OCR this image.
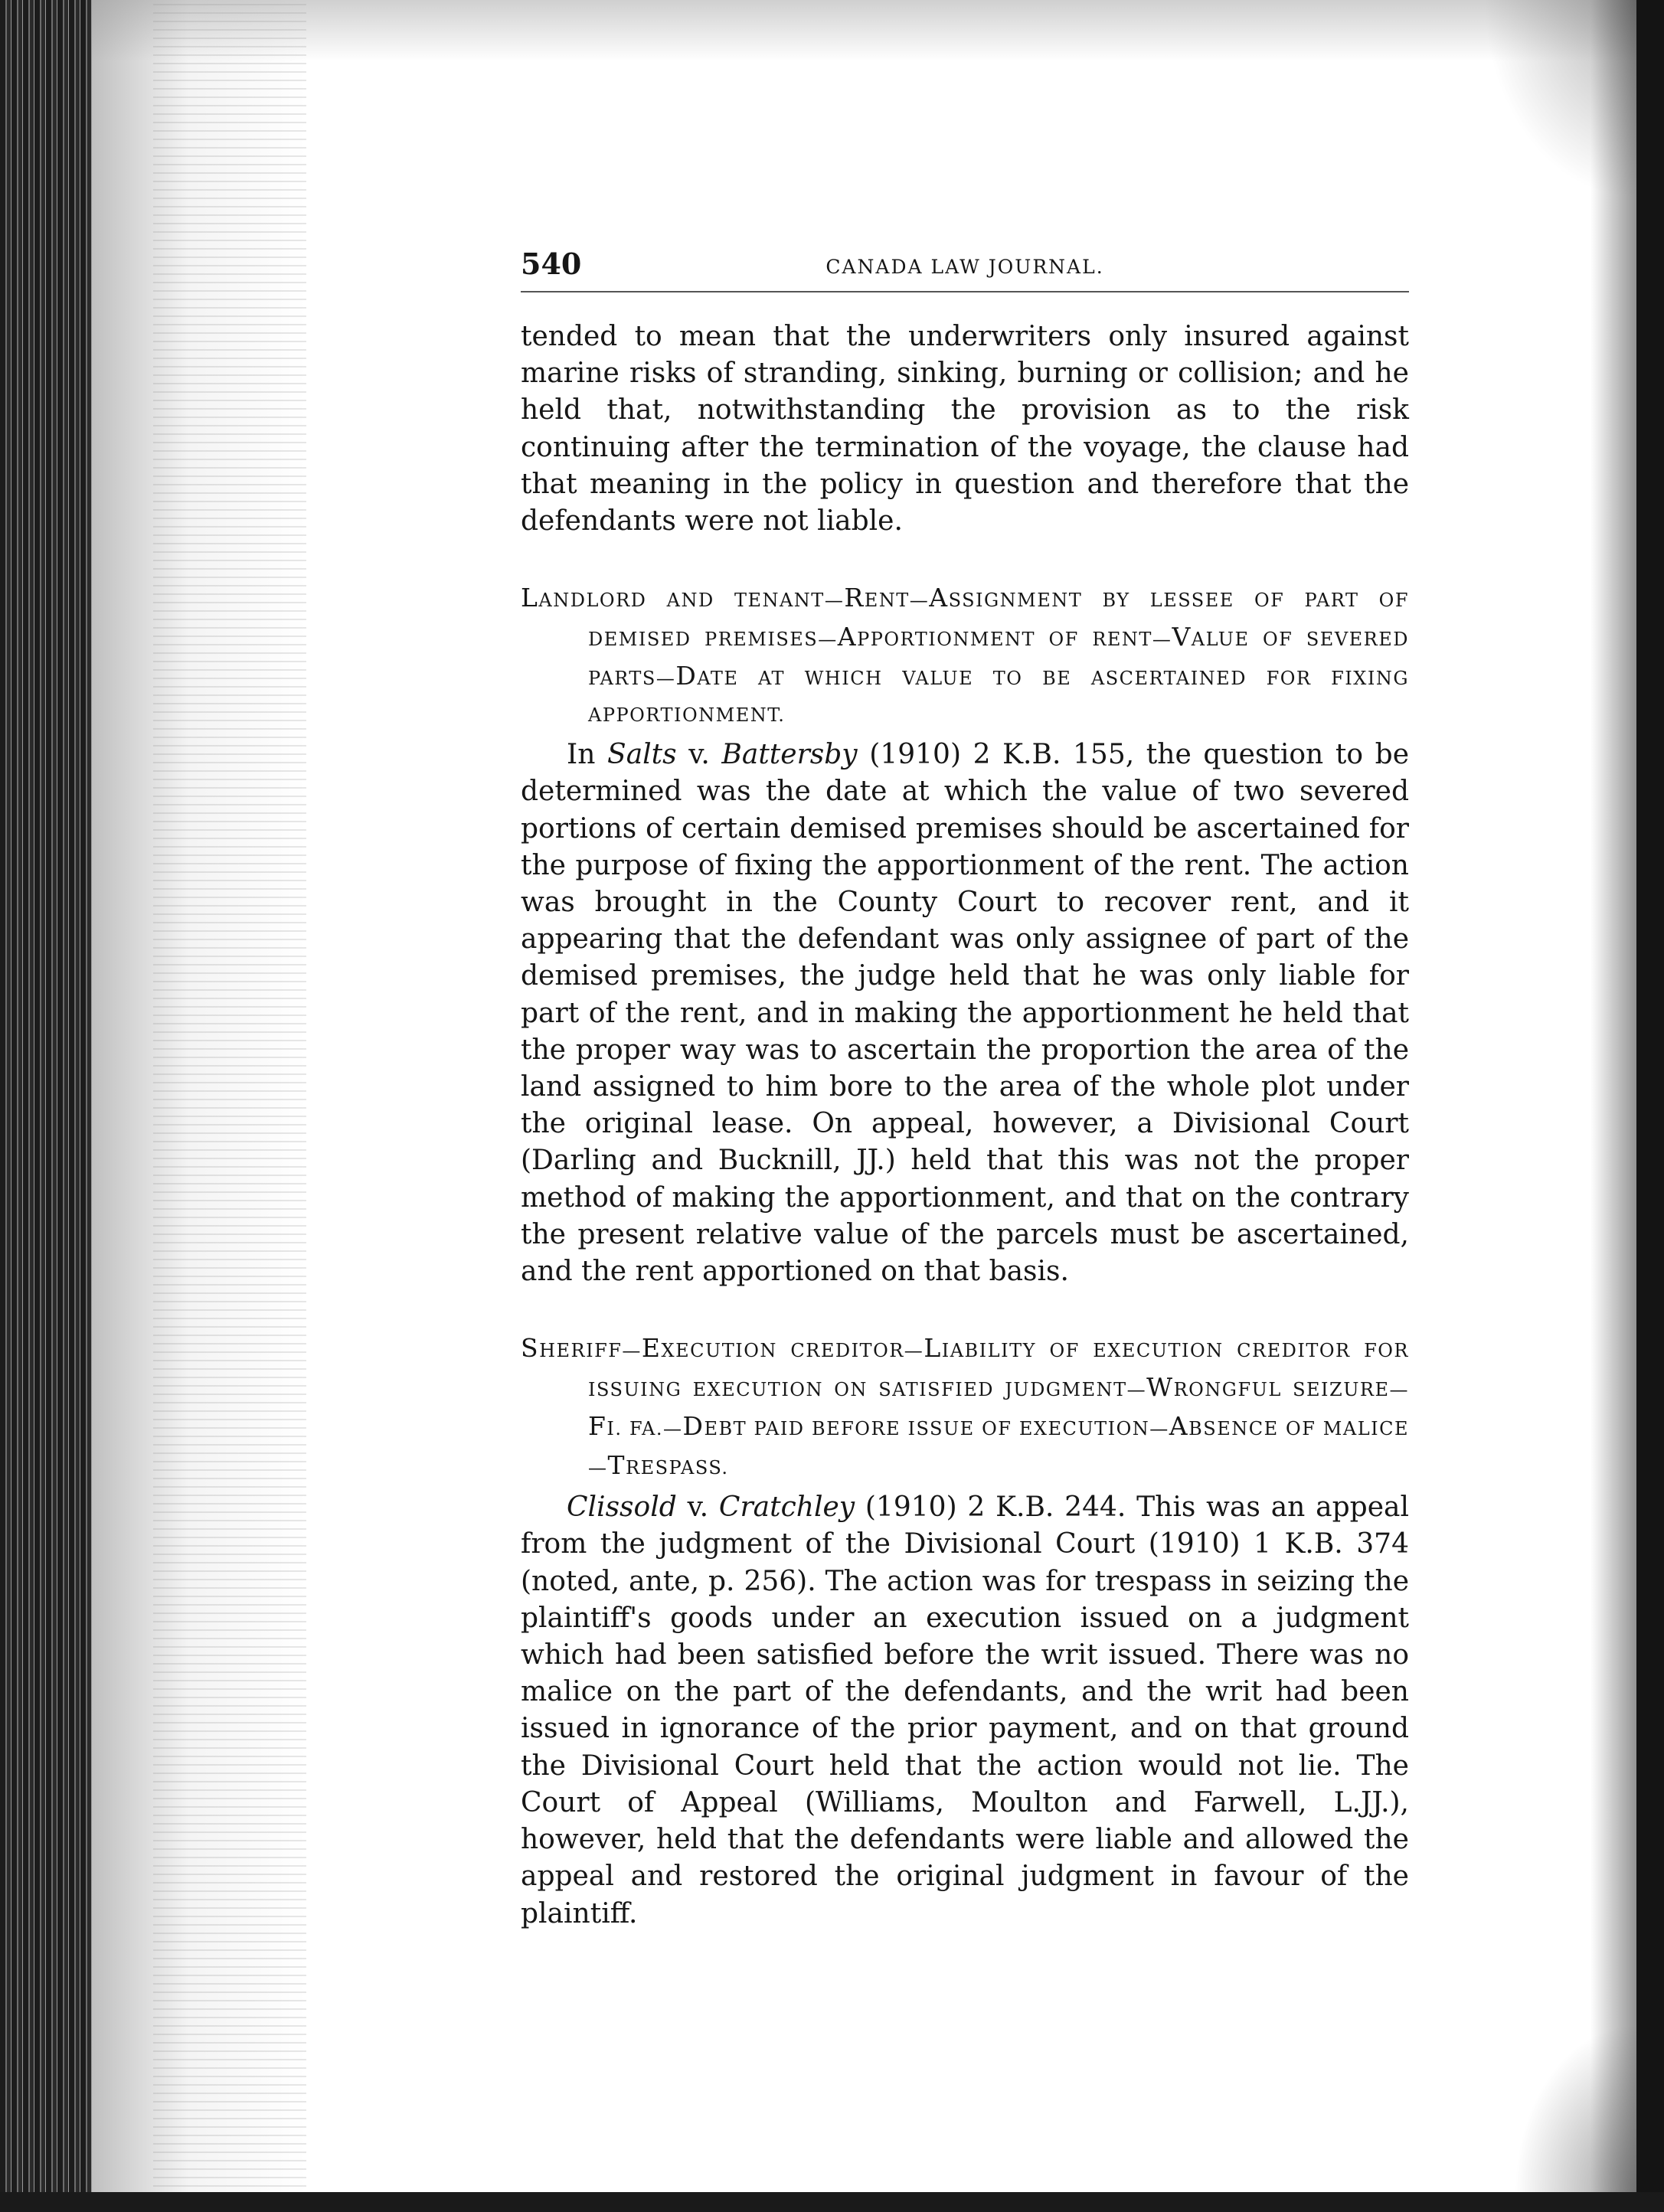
540	CANADA LAW JOURNAL.

tended to mean that the underwriters only insured against marine risks of stranding, sinking, burning or collision; and he held that, notwithstanding the provision as to the risk continuing after the termination of the voyage, the clause had that meaning in the policy in question and therefore that the defendants were not liable.

LANDLORD AND TENANT—RENT—ASSIGNMENT BY LESSEE OF PART OF DEMISED PREMISES—APPORTIONMENT OF RENT—VALUE OF SEVERED PARTS—DATE AT WHICH VALUE TO BE ASCERTAINED FOR FIXING APPORTIONMENT.

In Salts v. Battersby (1910) 2 K.B. 155, the question to be determined was the date at which the value of two severed portions of certain demised premises should be ascertained for the purpose of fixing the apportionment of the rent. The action was brought in the County Court to recover rent, and it appearing that the defendant was only assignee of part of the demised premises, the judge held that he was only liable for part of the rent, and in making the apportionment he held that the proper way was to ascertain the proportion the area of the land assigned to him bore to the area of the whole plot under the original lease. On appeal, however, a Divisional Court (Darling and Bucknill, JJ.) held that this was not the proper method of making the apportionment, and that on the contrary the present relative value of the parcels must be ascertained, and the rent apportioned on that basis.

SHERIFF—EXECUTION CREDITOR—LIABILITY OF EXECUTION CREDITOR FOR ISSUING EXECUTION ON SATISFIED JUDGMENT—WRONGFUL SEIZURE—FI. FA.—DEBT PAID BEFORE ISSUE OF EXECUTION—ABSENCE OF MALICE—TRESPASS.

Clissold v. Cratchley (1910) 2 K.B. 244. This was an appeal from the judgment of the Divisional Court (1910) 1 K.B. 374 (noted, ante, p. 256). The action was for trespass in seizing the plaintiff's goods under an execution issued on a judgment which had been satisfied before the writ issued. There was no malice on the part of the defendants, and the writ had been issued in ignorance of the prior payment, and on that ground the Divisional Court held that the action would not lie. The Court of Appeal (Williams, Moulton and Farwell, L.JJ.), however, held that the defendants were liable and allowed the appeal and restored the original judgment in favour of the plaintiff.
